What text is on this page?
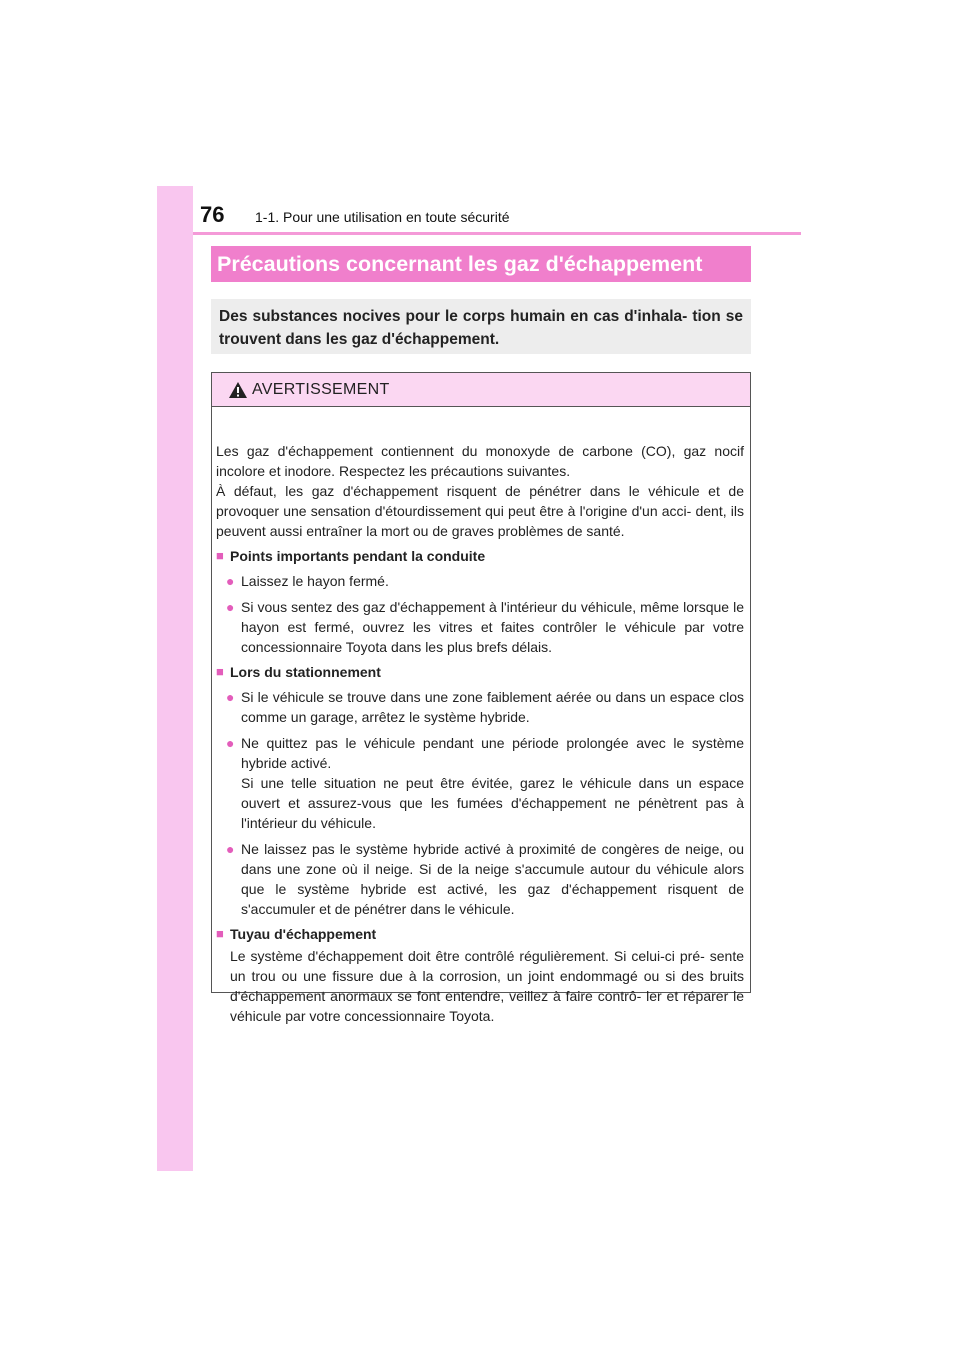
76 1-1. Pour une utilisation en toute sécurité
Précautions concernant les gaz d'échappement
Des substances nocives pour le corps humain en cas d'inhala- tion se trouvent dans les gaz d'échappement.
AVERTISSEMENT

Les gaz d'échappement contiennent du monoxyde de carbone (CO), gaz nocif incolore et inodore. Respectez les précautions suivantes.

À défaut, les gaz d'échappement risquent de pénétrer dans le véhicule et de provoquer une sensation d'étourdissement qui peut être à l'origine d'un acci- dent, ils peuvent aussi entraîner la mort ou de graves problèmes de santé.

■ Points importants pendant la conduite
● Laissez le hayon fermé.
● Si vous sentez des gaz d'échappement à l'intérieur du véhicule, même lorsque le hayon est fermé, ouvrez les vitres et faites contrôler le véhicule par votre concessionnaire Toyota dans les plus brefs délais.
■ Lors du stationnement
● Si le véhicule se trouve dans une zone faiblement aérée ou dans un espace clos comme un garage, arrêtez le système hybride.
● Ne quittez pas le véhicule pendant une période prolongée avec le système hybride activé.
Si une telle situation ne peut être évitée, garez le véhicule dans un espace ouvert et assurez-vous que les fumées d'échappement ne pénètrent pas à l'intérieur du véhicule.
● Ne laissez pas le système hybride activé à proximité de congères de neige, ou dans une zone où il neige. Si de la neige s'accumule autour du véhicule alors que le système hybride est activé, les gaz d'échappement risquent de s'accumuler et de pénétrer dans le véhicule.
■ Tuyau d'échappement
Le système d'échappement doit être contrôlé régulièrement. Si celui-ci pré- sente un trou ou une fissure due à la corrosion, un joint endommagé ou si des bruits d'échappement anormaux se font entendre, veillez à faire contrô- ler et réparer le véhicule par votre concessionnaire Toyota.
